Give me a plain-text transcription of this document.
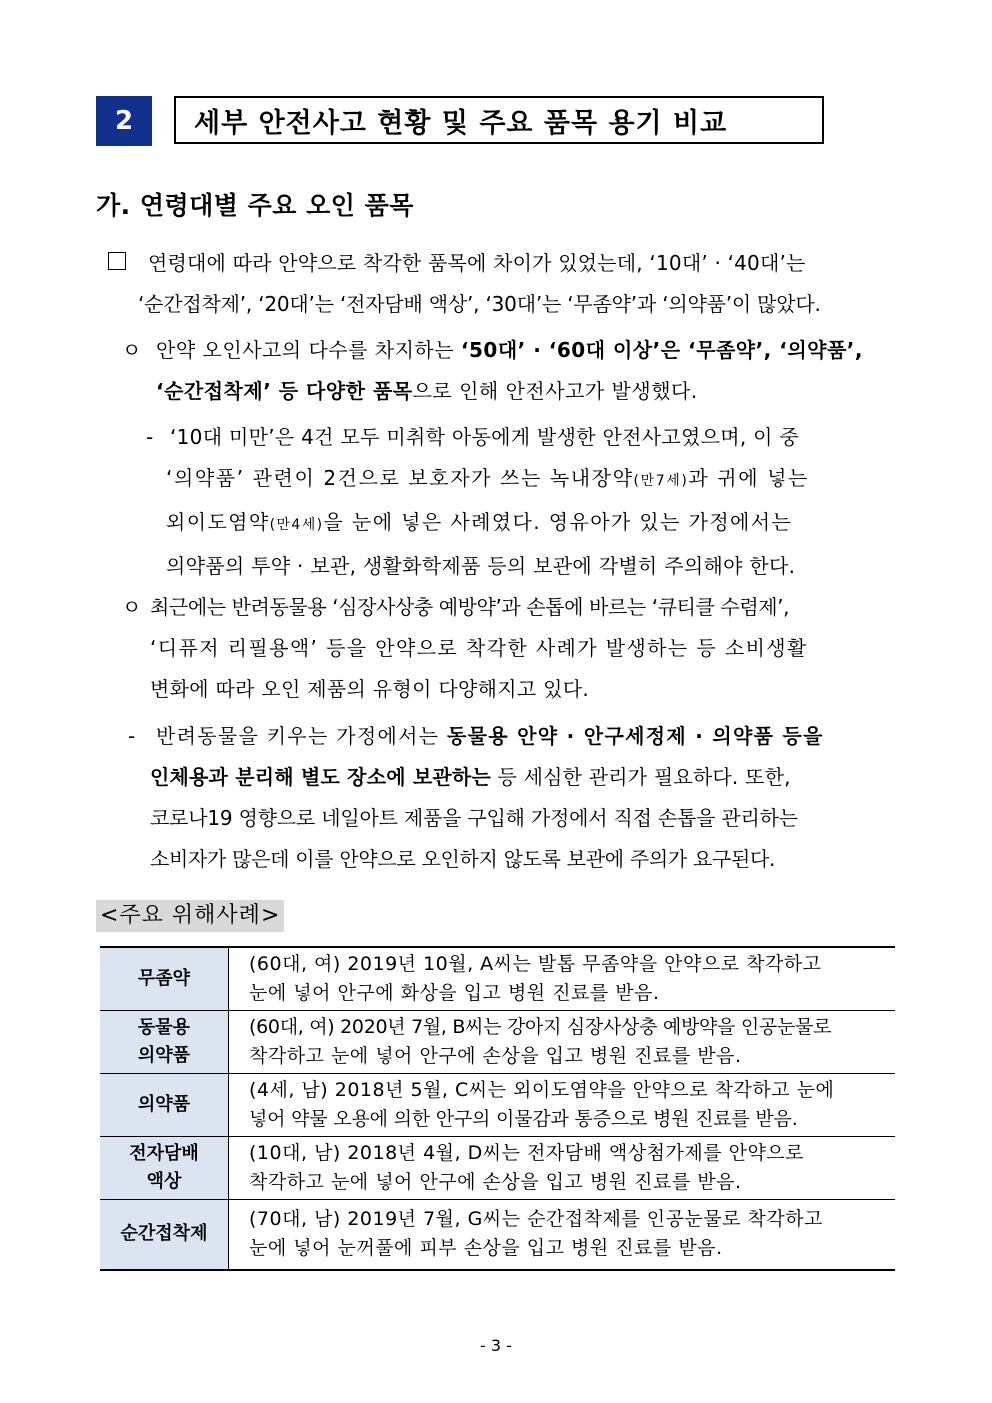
2	세부 안전사고 현황 및 주요 품목 용기 비교
가. 연령대별 주요 오인 품목
연령대에 따라 안약으로 착각한 품목에 차이가 있었는데, ‘10대’ · ‘40대’는
‘순간접착제’, ‘20대’는 ‘전자담배 액상’, ‘30대’는 ‘무좀약’과 ‘의약품’이 많았다.
ㅇ 안약 오인사고의 다수를 차지하는 ‘50대’ · ‘60대 이상’은 ‘무좀약’, ‘의약품’,
‘순간접착제’ 등 다양한 품목으로 인해 안전사고가 발생했다.
- ‘10대 미만’은 4건 모두 미취학 아동에게 발생한 안전사고였으며, 이 중
‘의약품’ 관련이 2건으로 보호자가 쓰는 녹내장약(만7세)과 귀에 넣는
외이도염약(만4세)을 눈에 넣은 사례였다. 영유아가 있는 가정에서는
의약품의 투약 · 보관, 생활화학제품 등의 보관에 각별히 주의해야 한다.
ㅇ 최근에는 반려동물용 ‘심장사상충 예방약’과 손톱에 바르는 ‘큐티클 수렴제’,
‘디퓨저 리필용액’ 등을 안약으로 착각한 사례가 발생하는 등 소비생활
변화에 따라 오인 제품의 유형이 다양해지고 있다.
- 반려동물을 키우는 가정에서는 동물용 안약 · 안구세정제 · 의약품 등을
인체용과 분리해 별도 장소에 보관하는 등 세심한 관리가 필요하다. 또한,
코로나19 영향으로 네일아트 제품을 구입해 가정에서 직접 손톱을 관리하는
소비자가 많은데 이를 안약으로 오인하지 않도록 보관에 주의가 요구된다.
<주요 위해사례>
무좀약	(60대, 여) 2019년 10월, A씨는 발톱 무좀약을 안약으로 착각하고
눈에 넣어 안구에 화상을 입고 병원 진료를 받음.

동물용
의약품	(60대, 여) 2020년 7월, B씨는 강아지 심장사상충 예방약을 인공눈물로
착각하고 눈에 넣어 안구에 손상을 입고 병원 진료를 받음.

의약품	(4세, 남) 2018년 5월, C씨는 외이도염약을 안약으로 착각하고 눈에
넣어 약물 오용에 의한 안구의 이물감과 통증으로 병원 진료를 받음.

전자담배
액상	(10대, 남) 2018년 4월, D씨는 전자담배 액상첨가제를 안약으로
착각하고 눈에 넣어 안구에 손상을 입고 병원 진료를 받음.

순간접착제	(70대, 남) 2019년 7월, G씨는 순간접착제를 인공눈물로 착각하고
눈에 넣어 눈꺼풀에 피부 손상을 입고 병원 진료를 받음.
- 3 -
